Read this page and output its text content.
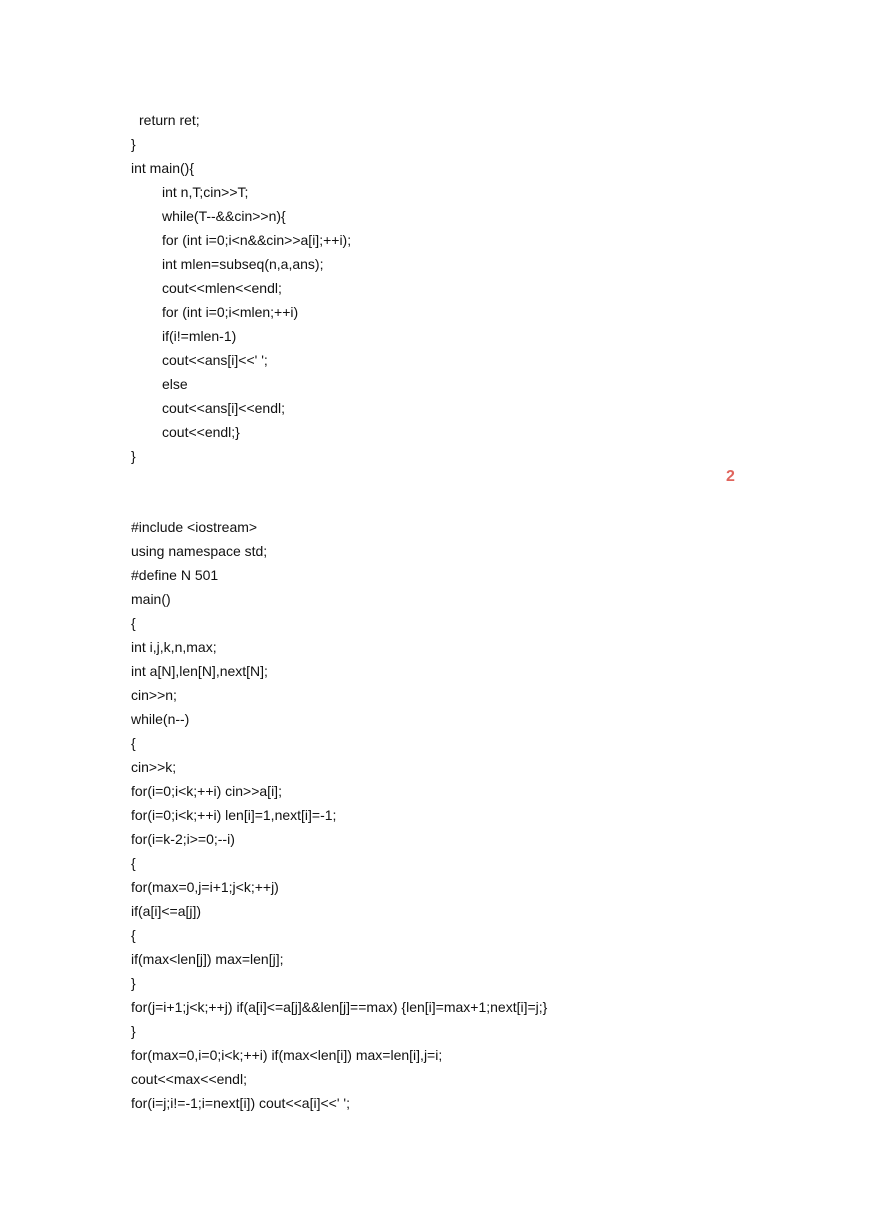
return ret;
}
int main(){
int n,T;cin>>T;
while(T--&&cin>>n){
for (int i=0;i<n&&cin>>a[i];++i);
int mlen=subseq(n,a,ans);
cout<<mlen<<endl;
for (int i=0;i<mlen;++i)
if(i!=mlen-1)
cout<<ans[i]<<' ';
else
cout<<ans[i]<<endl;
cout<<endl;}
}
2
#include <iostream>
using namespace std;
#define N 501
main()
{
int i,j,k,n,max;
int a[N],len[N],next[N];
cin>>n;
while(n--)
{
cin>>k;
for(i=0;i<k;++i) cin>>a[i];
for(i=0;i<k;++i) len[i]=1,next[i]=-1;
for(i=k-2;i>=0;--i)
{
for(max=0,j=i+1;j<k;++j)
if(a[i]<=a[j])
{
if(max<len[j]) max=len[j];
}
for(j=i+1;j<k;++j) if(a[i]<=a[j]&&len[j]==max) {len[i]=max+1;next[i]=j;}
}
for(max=0,i=0;i<k;++i) if(max<len[i]) max=len[i],j=i;
cout<<max<<endl;
for(i=j;i!=-1;i=next[i]) cout<<a[i]<<' ';
